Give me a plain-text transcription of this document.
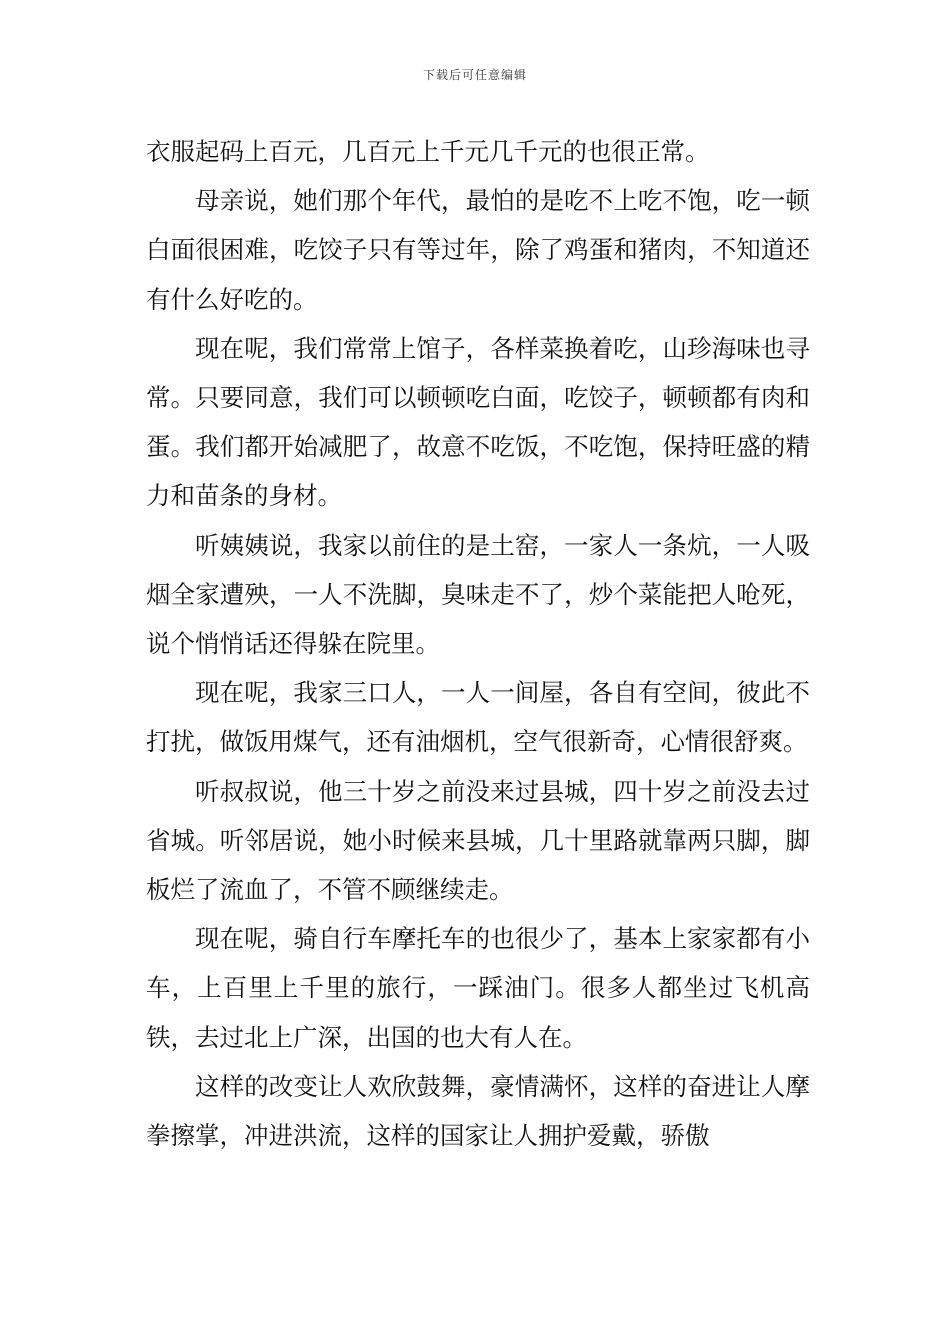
下载后可任意编辑

衣服起码上百元，几百元上千元几千元的也很正常。

母亲说，她们那个年代，最怕的是吃不上吃不饱，吃一顿白面很困难，吃饺子只有等过年，除了鸡蛋和猪肉，不知道还有什么好吃的。

现在呢，我们常常上馆子，各样菜换着吃，山珍海味也寻常。只要同意，我们可以顿顿吃白面，吃饺子，顿顿都有肉和蛋。我们都开始减肥了，故意不吃饭，不吃饱，保持旺盛的精力和苗条的身材。

听姨姨说，我家以前住的是土窑，一家人一条炕，一人吸烟全家遭殃，一人不洗脚，臭味走不了，炒个菜能把人呛死，说个悄悄话还得躲在院里。

现在呢，我家三口人，一人一间屋，各自有空间，彼此不打扰，做饭用煤气，还有油烟机，空气很新奇，心情很舒爽。

听叔叔说，他三十岁之前没来过县城，四十岁之前没去过省城。听邻居说，她小时候来县城，几十里路就靠两只脚，脚板烂了流血了，不管不顾继续走。

现在呢，骑自行车摩托车的也很少了，基本上家家都有小车，上百里上千里的旅行，一踩油门。很多人都坐过飞机高铁，去过北上广深，出国的也大有人在。

这样的改变让人欢欣鼓舞，豪情满怀，这样的奋进让人摩拳擦掌，冲进洪流，这样的国家让人拥护爱戴，骄傲
